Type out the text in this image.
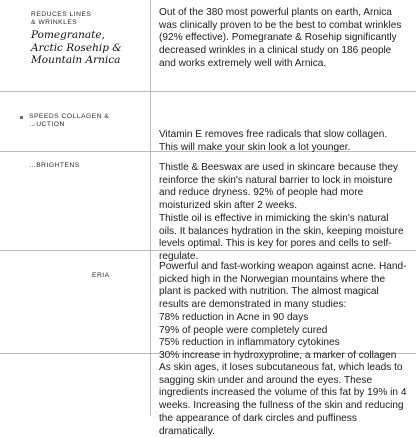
REDUCES LINES
& WRINKLES
Pomegranate,
Arctic Rosehip &
Mountain Arnica

Out of the 380 most powerful plants on earth, Arnica was clinically proven to be the best to combat wrinkles (92% effective). Pomegranate & Rosehip significantly decreased wrinkles in a clinical study on 186 people and works extremely well with Arnica.

SPEEDS COLLAGEN &
…UCTION

Vitamin E removes free radicals that slow collagen. This will make your skin look a lot younger.

…BRIGHTENS	Thistle & Beeswax are used in skincare because they reinforce the skin's natural barrier to lock in moisture and reduce dryness. 92% of people had more moisturized skin after 2 weeks.

Thistle oil is effective in mimicking the skin's natural oils. It balances hydration in the skin, keeping moisture levels optimal. This is key for pores and cells to self-regulate.

ERIA

Powerful and fast-working weapon against acne. Hand-picked high in the Norwegian mountains where the plant is packed with nutrition. The almost magical results are demonstrated in many studies:

78% reduction in Acne in 90 days

79% of people were completely cured

75% reduction in inflammatory cytokines

30% increase in hydroxyproline, a marker of collagen

As skin ages, it loses subcutaneous fat, which leads to sagging skin under and around the eyes. These ingredients increased the volume of this fat by 19% in 4 weeks. Increasing the fullness of the skin and reducing the appearance of dark circles and puffiness dramatically.
